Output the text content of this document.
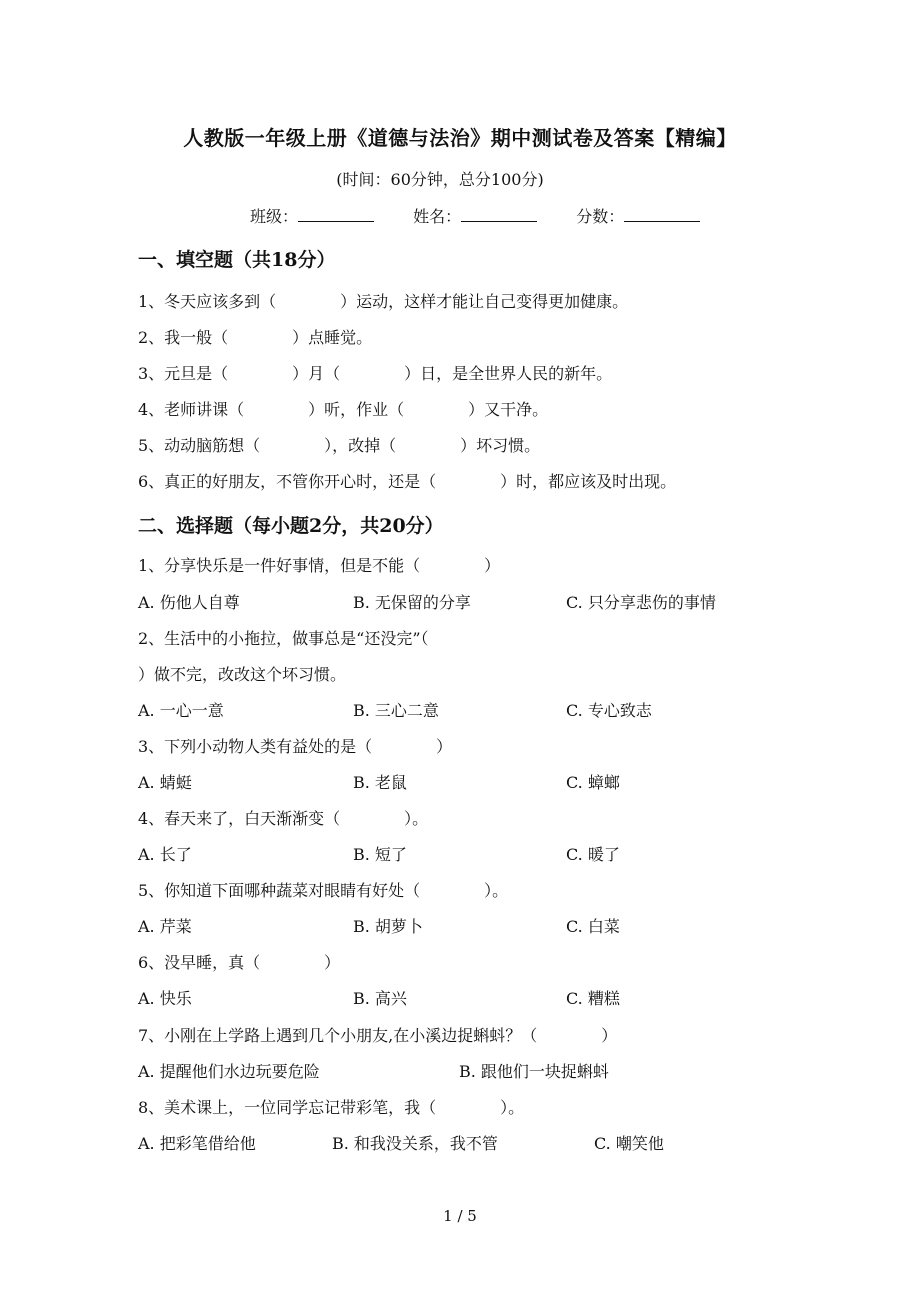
人教版一年级上册《道德与法治》期中测试卷及答案【精编】
(时间：60分钟，总分100分)
班级：	姓名：	分数：
一、填空题（共18分）
1、冬天应该多到（　　　　）运动，这样才能让自己变得更加健康。
2、我一般（　　　　）点睡觉。
3、元旦是（　　　　）月（　　　　）日，是全世界人民的新年。
4、老师讲课（　　　　）听，作业（　　　　）又干净。
5、动动脑筋想（　　　　），改掉（　　　　）坏习惯。
6、真正的好朋友，不管你开心时，还是（　　　　）时，都应该及时出现。
二、选择题（每小题2分，共20分）
1、分享快乐是一件好事情，但是不能（　　　　）
A. 伤他人自尊	B. 无保留的分享	C. 只分享悲伤的事情
2、生活中的小拖拉，做事总是“还没完”（
）做不完，改改这个坏习惯。
A. 一心一意	B. 三心二意	C. 专心致志
3、下列小动物人类有益处的是（　　　　）
A. 蜻蜓	B. 老鼠	C. 蟑螂
4、春天来了，白天渐渐变（　　　　）。
A. 长了	B. 短了	C. 暖了
5、你知道下面哪种蔬菜对眼睛有好处（　　　　）。
A. 芹菜	B. 胡萝卜	C. 白菜
6、没早睡，真（　　　　）
A. 快乐	B. 高兴	C. 糟糕
7、小刚在上学路上遇到几个小朋友,在小溪边捉蝌蚪？（　　　　）
A. 提醒他们水边玩要危险	B. 跟他们一块捉蝌蚪
8、美术课上，一位同学忘记带彩笔，我（　　　　）。
A. 把彩笔借给他	B. 和我没关系，我不管	C. 嘲笑他
1 / 5
